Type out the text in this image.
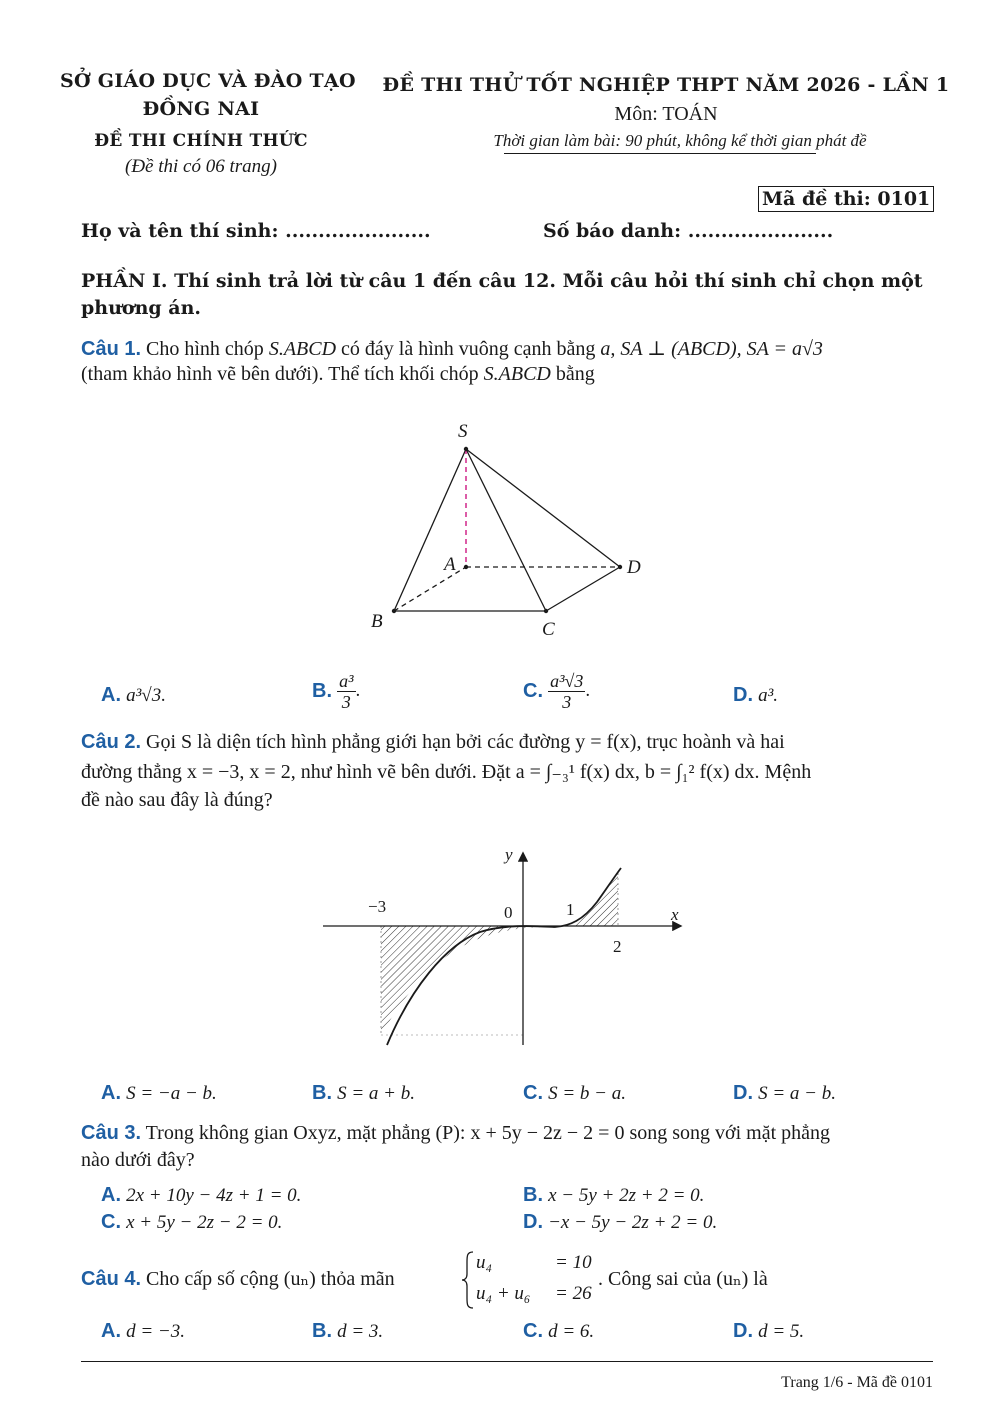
SỞ GIÁO DỤC VÀ ĐÀO TẠO
ĐỒNG NAI
ĐỀ THI CHÍNH THỨC
(Đề thi có 06 trang)
ĐỀ THI THỬ TỐT NGHIỆP THPT NĂM 2026 - LẦN 1
Môn: TOÁN
Thời gian làm bài: 90 phút, không kể thời gian phát đề
Mã đề thi: 0101
Họ và tên thí sinh: ......................	Số báo danh: ......................
PHẦN I. Thí sinh trả lời từ câu 1 đến câu 12. Mỗi câu hỏi thí sinh chỉ chọn một
phương án.
Câu 1. Cho hình chóp S.ABCD có đáy là hình vuông cạnh bằng a, SA ⊥ (ABCD), SA = a√3
(tham khảo hình vẽ bên dưới). Thể tích khối chóp S.ABCD bằng
S
A
B	C
D
A. a³√3.	B. $\frac{\text{a³}}{3}$ .	C. $\frac{\text{a³√3}}{3}$ .	D. a³.
Câu 2. Gọi S là diện tích hình phẳng giới hạn bởi các đường y = f(x), trục hoành và hai
đường thẳng x = −3, x = 2, như hình vẽ bên dưới. Đặt a = ∫₋₃¹ f(x) dx, b = ∫₁² f(x) dx. Mệnh
đề nào sau đây là đúng?
y
x
−3	0	1
2
A. S = −a − b.	B. S = a + b.	C. S = b − a.	D. S = a − b.
Câu 3. Trong không gian Oxyz, mặt phẳng (P): x + 5y − 2z − 2 = 0 song song với mặt phẳng
nào dưới đây?
A. 2x + 10y − 4z + 1 = 0.	B. x − 5y + 2z + 2 = 0.
C. x + 5y − 2z − 2 = 0.	D. −x − 5y − 2z + 2 = 0.
Câu 4. Cho cấp số cộng (uₙ) thỏa mãn
u₄	= 10
u₄ + u₆ = 26
. Công sai của (uₙ) là
A. d = −3.	B. d = 3.	C. d = 6.	D. d = 5.
Trang 1/6 - Mã đề 0101
